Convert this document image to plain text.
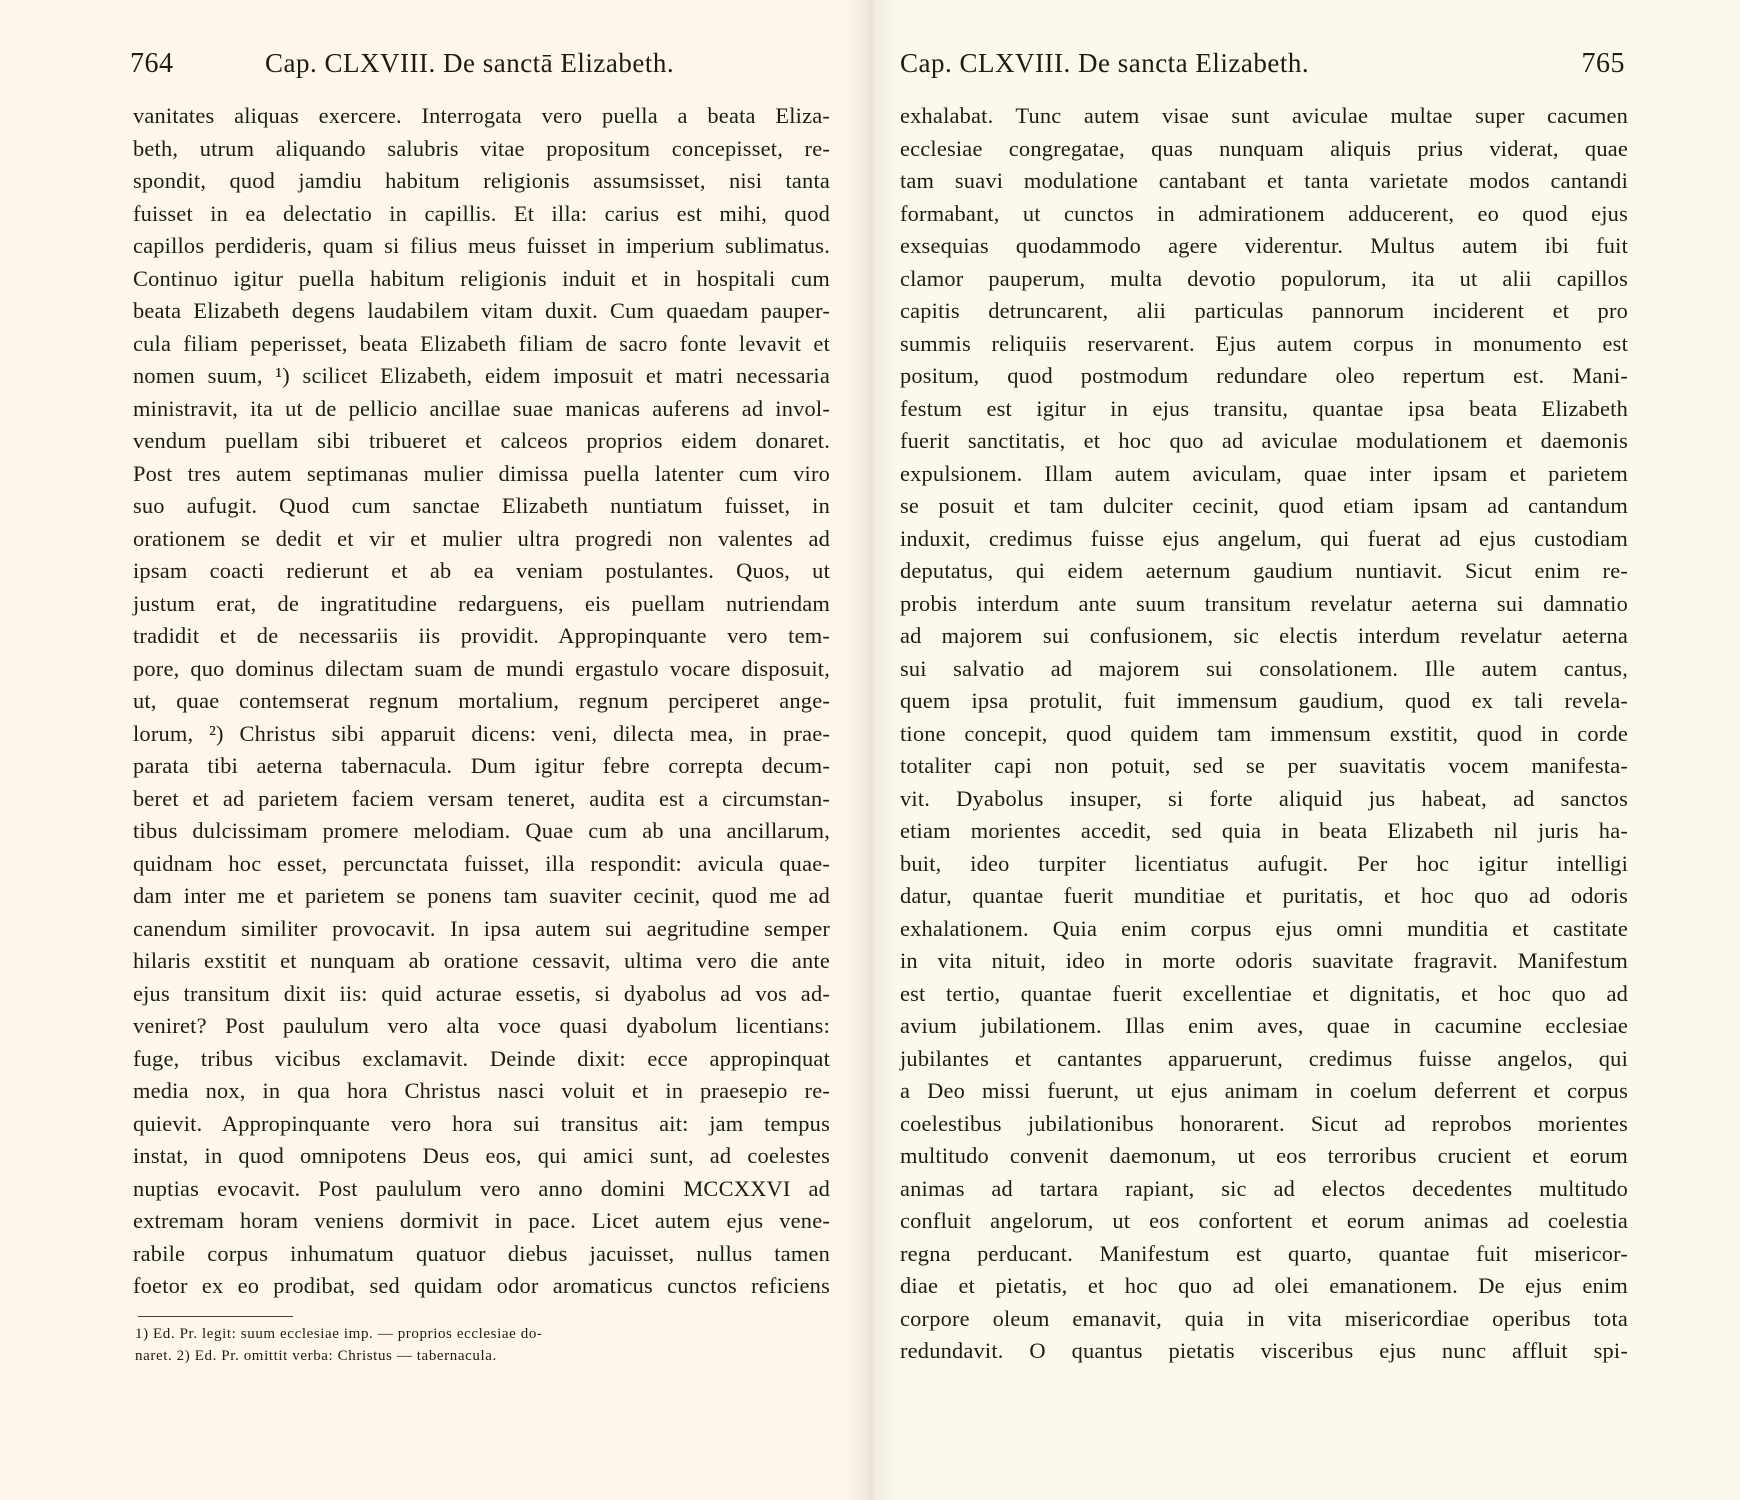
764	Cap. CLXVIII. De sanctā Elizabeth.
vanitates aliquas exercere. Interrogata vero puella a beata Eliza-
beth, utrum aliquando salubris vitae propositum concepisset, re-
spondit, quod jamdiu habitum religionis assumsisset, nisi tanta
fuisset in ea delectatio in capillis. Et illa: carius est mihi, quod
capillos perdideris, quam si filius meus fuisset in imperium sublimatus.
Continuo igitur puella habitum religionis induit et in hospitali cum
beata Elizabeth degens laudabilem vitam duxit. Cum quaedam pauper-
cula filiam peperisset, beata Elizabeth filiam de sacro fonte levavit et
nomen suum, ¹) scilicet Elizabeth, eidem imposuit et matri necessaria
ministravit, ita ut de pellicio ancillae suae manicas auferens ad invol-
vendum puellam sibi tribueret et calceos proprios eidem donaret.
Post tres autem septimanas mulier dimissa puella latenter cum viro
suo aufugit. Quod cum sanctae Elizabeth nuntiatum fuisset, in
orationem se dedit et vir et mulier ultra progredi non valentes ad
ipsam coacti redierunt et ab ea veniam postulantes. Quos, ut
justum erat, de ingratitudine redarguens, eis puellam nutriendam
tradidit et de necessariis iis providit. Appropinquante vero tem-
pore, quo dominus dilectam suam de mundi ergastulo vocare disposuit,
ut, quae contemserat regnum mortalium, regnum perciperet ange-
lorum, ²) Christus sibi apparuit dicens: veni, dilecta mea, in prae-
parata tibi aeterna tabernacula. Dum igitur febre correpta decum-
beret et ad parietem faciem versam teneret, audita est a circumstan-
tibus dulcissimam promere melodiam. Quae cum ab una ancillarum,
quidnam hoc esset, percunctata fuisset, illa respondit: avicula quae-
dam inter me et parietem se ponens tam suaviter cecinit, quod me ad
canendum similiter provocavit. In ipsa autem sui aegritudine semper
hilaris exstitit et nunquam ab oratione cessavit, ultima vero die ante
ejus transitum dixit iis: quid acturae essetis, si dyabolus ad vos ad-
veniret? Post paululum vero alta voce quasi dyabolum licentians:
fuge, tribus vicibus exclamavit. Deinde dixit: ecce appropinquat
media nox, in qua hora Christus nasci voluit et in praesepio re-
quievit. Appropinquante vero hora sui transitus ait: jam tempus
instat, in quod omnipotens Deus eos, qui amici sunt, ad coelestes
nuptias evocavit. Post paululum vero anno domini MCCXXVI ad
extremam horam veniens dormivit in pace. Licet autem ejus vene-
rabile corpus inhumatum quatuor diebus jacuisset, nullus tamen
foetor ex eo prodibat, sed quidam odor aromaticus cunctos reficiens
1) Ed. Pr. legit: suum ecclesiae imp. — proprios ecclesiae do-
naret. 2) Ed. Pr. omittit verba: Christus — tabernacula.
Cap. CLXVIII. De sancta Elizabeth.	765
exhalabat. Tunc autem visae sunt aviculae multae super cacumen
ecclesiae congregatae, quas nunquam aliquis prius viderat, quae
tam suavi modulatione cantabant et tanta varietate modos cantandi
formabant, ut cunctos in admirationem adducerent, eo quod ejus
exsequias quodammodo agere viderentur. Multus autem ibi fuit
clamor pauperum, multa devotio populorum, ita ut alii capillos
capitis detruncarent, alii particulas pannorum inciderent et pro
summis reliquiis reservarent. Ejus autem corpus in monumento est
positum, quod postmodum redundare oleo repertum est. Mani-
festum est igitur in ejus transitu, quantae ipsa beata Elizabeth
fuerit sanctitatis, et hoc quo ad aviculae modulationem et daemonis
expulsionem. Illam autem aviculam, quae inter ipsam et parietem
se posuit et tam dulciter cecinit, quod etiam ipsam ad cantandum
induxit, credimus fuisse ejus angelum, qui fuerat ad ejus custodiam
deputatus, qui eidem aeternum gaudium nuntiavit. Sicut enim re-
probis interdum ante suum transitum revelatur aeterna sui damnatio
ad majorem sui confusionem, sic electis interdum revelatur aeterna
sui salvatio ad majorem sui consolationem. Ille autem cantus,
quem ipsa protulit, fuit immensum gaudium, quod ex tali revela-
tione concepit, quod quidem tam immensum exstitit, quod in corde
totaliter capi non potuit, sed se per suavitatis vocem manifesta-
vit. Dyabolus insuper, si forte aliquid jus habeat, ad sanctos
etiam morientes accedit, sed quia in beata Elizabeth nil juris ha-
buit, ideo turpiter licentiatus aufugit. Per hoc igitur intelligi
datur, quantae fuerit munditiae et puritatis, et hoc quo ad odoris
exhalationem. Quia enim corpus ejus omni munditia et castitate
in vita nituit, ideo in morte odoris suavitate fragravit. Manifestum
est tertio, quantae fuerit excellentiae et dignitatis, et hoc quo ad
avium jubilationem. Illas enim aves, quae in cacumine ecclesiae
jubilantes et cantantes apparuerunt, credimus fuisse angelos, qui
a Deo missi fuerunt, ut ejus animam in coelum deferrent et corpus
coelestibus jubilationibus honorarent. Sicut ad reprobos morientes
multitudo convenit daemonum, ut eos terroribus crucient et eorum
animas ad tartara rapiant, sic ad electos decedentes multitudo
confluit angelorum, ut eos confortent et eorum animas ad coelestia
regna perducant. Manifestum est quarto, quantae fuit misericor-
diae et pietatis, et hoc quo ad olei emanationem. De ejus enim
corpore oleum emanavit, quia in vita misericordiae operibus tota
redundavit. O quantus pietatis visceribus ejus nunc affluit spi-
